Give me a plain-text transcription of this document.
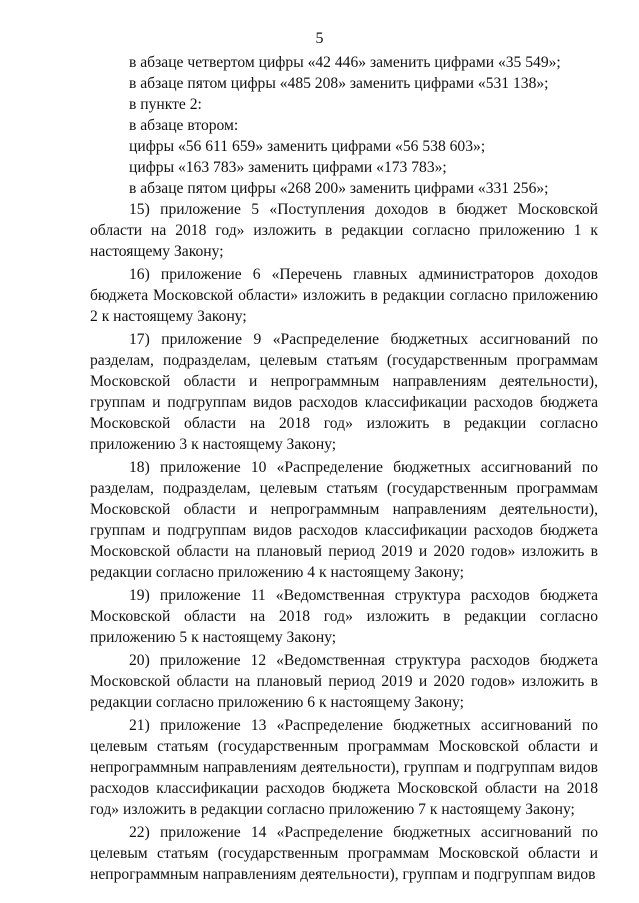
5

в абзаце четвертом цифры «42 446» заменить цифрами «35 549»;

в абзаце пятом цифры «485 208» заменить цифрами «531 138»;

в пункте 2:

в абзаце втором:

цифры «56 611 659» заменить цифрами «56 538 603»;

цифры «163 783» заменить цифрами «173 783»;

в абзаце пятом цифры «268 200» заменить цифрами «331 256»;

15) приложение 5 «Поступления доходов в бюджет Московской области на 2018 год» изложить в редакции согласно приложению 1 к настоящему Закону;

16) приложение 6 «Перечень главных администраторов доходов бюджета Московской области» изложить в редакции согласно приложению 2 к настоящему Закону;

17) приложение 9 «Распределение бюджетных ассигнований по разделам, подразделам, целевым статьям (государственным программам Московской области и непрограммным направлениям деятельности), группам и подгруппам видов расходов классификации расходов бюджета Московской области на 2018 год» изложить в редакции согласно приложению 3 к настоящему Закону;

18) приложение 10 «Распределение бюджетных ассигнований по разделам, подразделам, целевым статьям (государственным программам Московской области и непрограммным направлениям деятельности), группам и подгруппам видов расходов классификации расходов бюджета Московской области на плановый период 2019 и 2020 годов» изложить в редакции согласно приложению 4 к настоящему Закону;

19) приложение 11 «Ведомственная структура расходов бюджета Московской области на 2018 год» изложить в редакции согласно приложению 5 к настоящему Закону;

20) приложение 12 «Ведомственная структура расходов бюджета Московской области на плановый период 2019 и 2020 годов» изложить в редакции согласно приложению 6 к настоящему Закону;

21) приложение 13 «Распределение бюджетных ассигнований по целевым статьям (государственным программам Московской области и непрограммным направлениям деятельности), группам и подгруппам видов расходов классификации расходов бюджета Московской области на 2018 год» изложить в редакции согласно приложению 7 к настоящему Закону;

22) приложение 14 «Распределение бюджетных ассигнований по целевым статьям (государственным программам Московской области и непрограммным направлениям деятельности), группам и подгруппам видов
